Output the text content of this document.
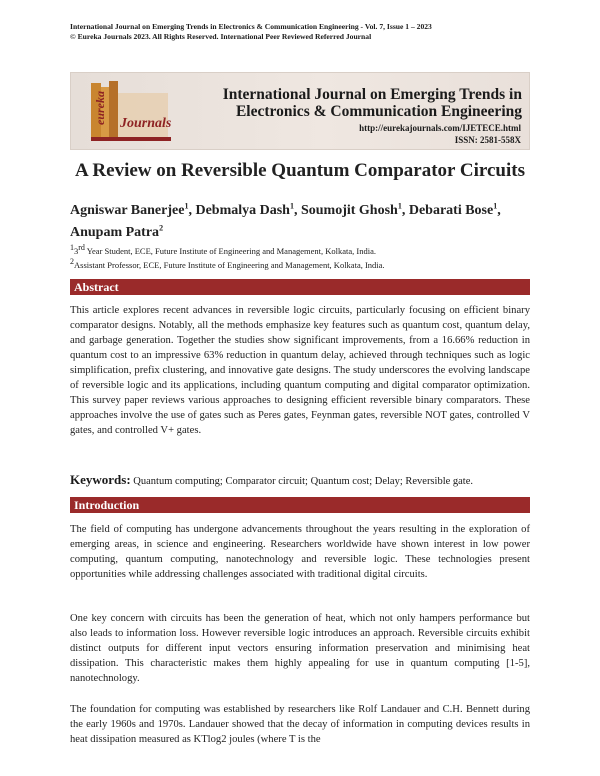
International Journal on Emerging Trends in Electronics & Communication Engineering - Vol. 7, Issue 1 – 2023
© Eureka Journals 2023. All Rights Reserved. International Peer Reviewed Referred Journal
eureka Journals
International Journal on Emerging Trends in
Electronics & Communication Engineering
http://eurekajournals.com/IJETECE.html
ISSN: 2581-558X
A Review on Reversible Quantum Comparator Circuits
Agniswar Banerjee$^1$, Debmalya Dash$^1$, Soumojit Ghosh$^1$, Debarati Bose$^1$,
Anupam Patra$^2$
$^1$3rd Year Student, ECE, Future Institute of Engineering and Management, Kolkata, India.
$^2$Assistant Professor, ECE, Future Institute of Engineering and Management, Kolkata, India.
Abstract

This article explores recent advances in reversible logic circuits, particularly focusing on efficient binary comparator designs. Notably, all the methods emphasize key features such as quantum cost, quantum delay, and garbage generation. Together the studies show significant improvements, from a 16.66% reduction in quantum cost to an impressive 63% reduction in quantum delay, achieved through techniques such as logic simplification, prefix clustering, and innovative gate designs. The study underscores the evolving landscape of reversible logic and its applications, including quantum computing and digital comparator optimization. This survey paper reviews various approaches to designing efficient reversible binary comparators. These approaches involve the use of gates such as Peres gates, Feynman gates, reversible NOT gates, controlled V gates, and controlled V+ gates.

Keywords: Quantum computing; Comparator circuit; Quantum cost; Delay; Reversible gate.
Introduction

The field of computing has undergone advancements throughout the years resulting in the exploration of emerging areas, in science and engineering. Researchers worldwide have shown interest in low power computing, quantum computing, nanotechnology and reversible logic. These technologies present opportunities while addressing challenges associated with traditional digital circuits.

One key concern with circuits has been the generation of heat, which not only hampers performance but also leads to information loss. However reversible logic introduces an approach. Reversible circuits exhibit distinct outputs for different input vectors ensuring information preservation and minimising heat dissipation. This characteristic makes them highly appealing for use in quantum computing [1-5], nanotechnology.

The foundation for computing was established by researchers like Rolf Landauer and C.H. Bennett during the early 1960s and 1970s. Landauer showed that the decay of information in computing devices results in heat dissipation measured as KTlog2 joules (where T is the
